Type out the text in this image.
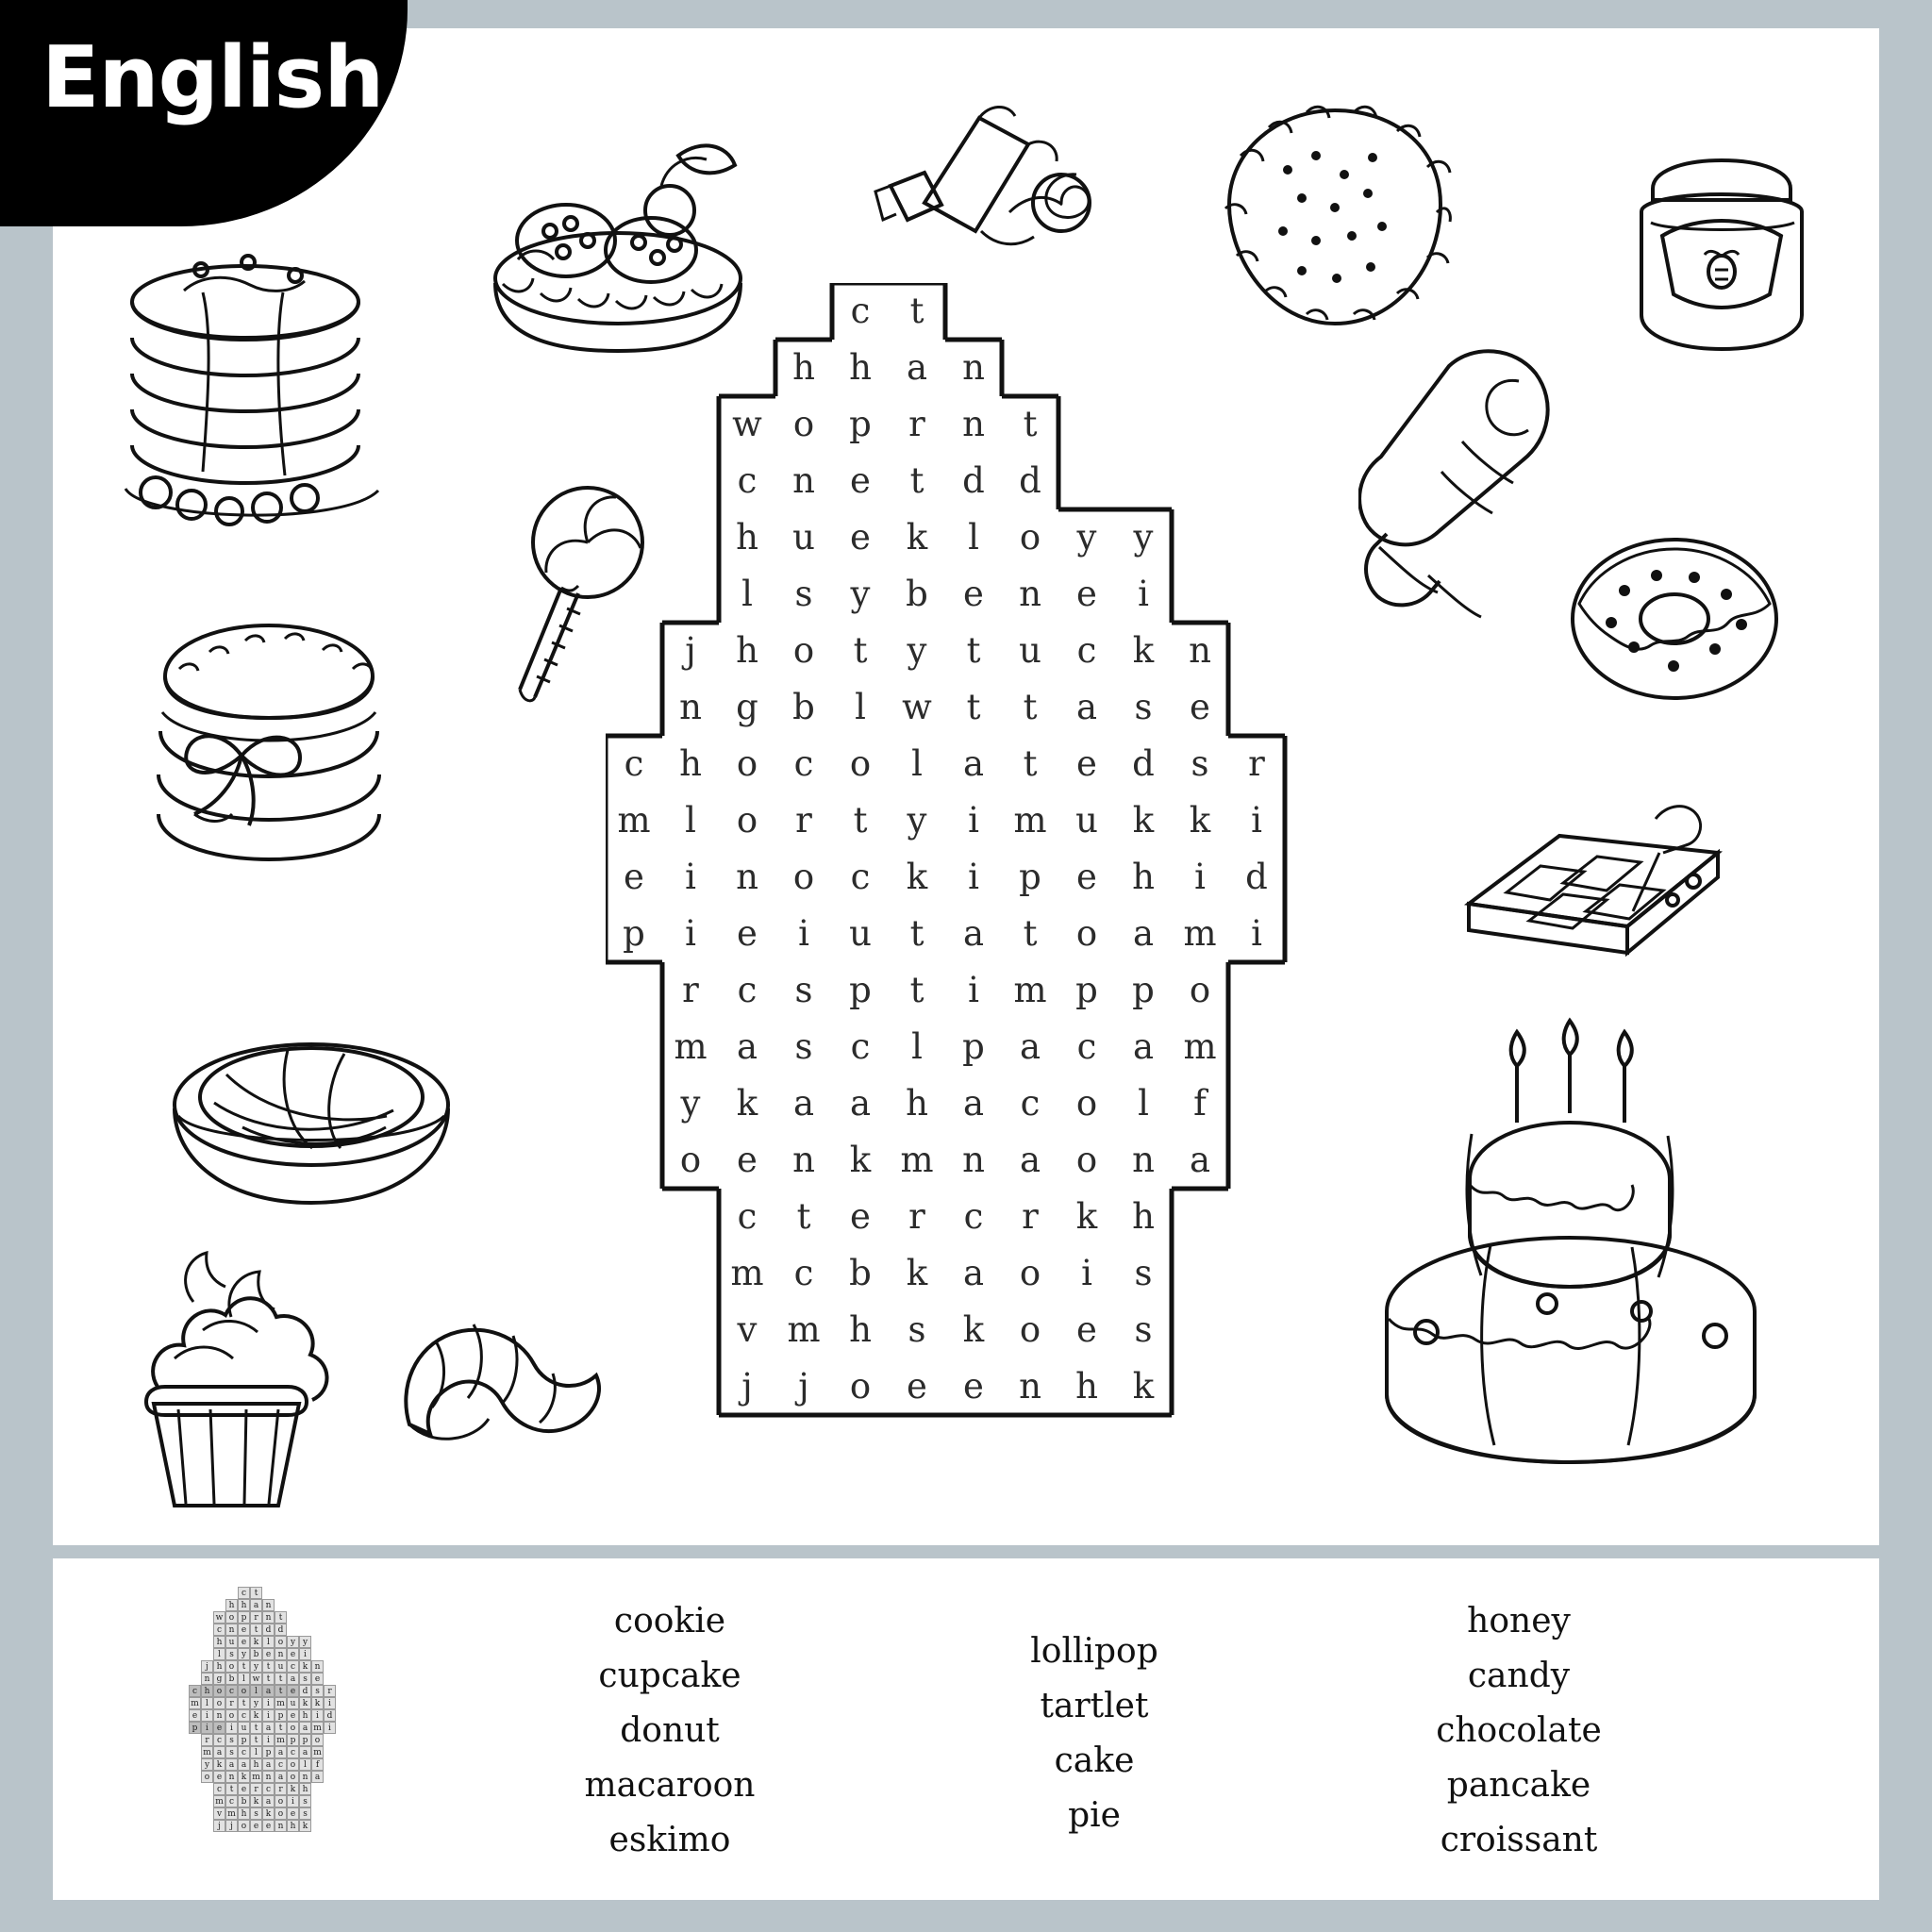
English
c	t
h h	a	n
w o	p	r	n	t
c	n	e	t	d d
h u	e	k	l	o	y	y
l	s	y	b	e	n	e	i
j	h o	t	y	t	u	c	k n
n g b	l	w t	t	a	s	e
c	h o	c	o	l	a	t	e	d	s	r
m l	o	r	t	y	i m u k	k	i
e	i	n o	c	k	i	p	e	h	i	d
p	i	e	i	u	t	a	t	o	a m i
r	c	s	p	t	i m p p	o
m a	s	c	l	p	a	c	a m
y	k	a	a	h	a	c	o	l	f
o	e	n k m n	a	o n	a
c	t	e	r	c	r	k h
m c	b k	a	o	i	s
v m h	s	k	o	e	s
j	j	o	e	e	n h k
c t
h h a n
w o p r n t
c n e t d d
h u e k l o y y
l	s y b e n e i
j h o t y t u c k n
n g b l w t	t a s e
c h o c o l a t e d s r
m l o r	t y	i m u k k i
e i n o c k i p e h i d
p i e i u t a t o a m i
r c s p t	i m p p o
m a s c	l p a c a m
y k a a h a c o l	f
o e n k m n a o n a
c t e r c r k h
m c b k a o i	s
v m h s k o e s
j	j o e e n h k
cookie
cupcake
donut
macaroon
eskimo
lollipop
tartlet
cake
pie
honey
candy
chocolate
pancake
croissant
